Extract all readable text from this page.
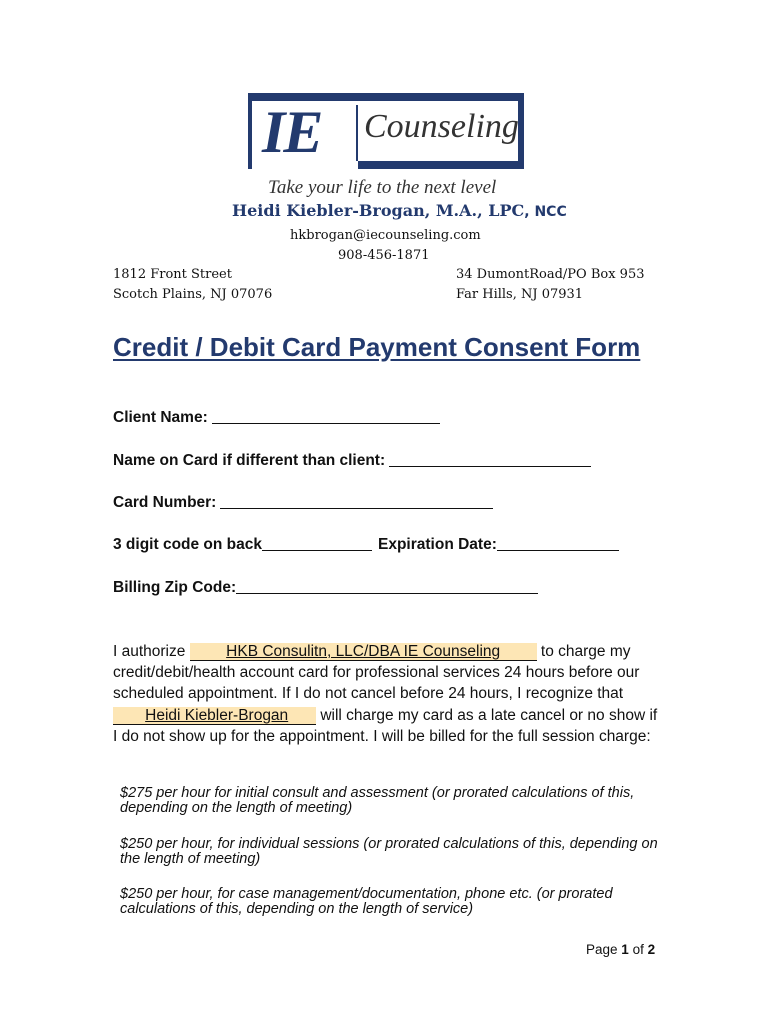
IE Counseling
Take your life to the next level
Heidi Kiebler-Brogan, M.A., LPC, NCC
hkbrogan@iecounseling.com
908-456-1871
1812 Front Street
Scotch Plains, NJ 07076
34 DumontRoad/PO Box 953
Far Hills, NJ 07931
Credit / Debit Card Payment Consent Form
Client Name:
Name on Card if different than client:
Card Number:
3 digit code on back	Expiration Date:
Billing Zip Code:
I authorize	HKB Consulitn, LLC/DBA IE Counseling	to charge my credit/debit/health account card for professional services 24 hours before our scheduled appointment. If I do not cancel before 24 hours, I recognize that        Heidi Kiebler-Brogan will charge my card as a late cancel or no show if I do not show up for the appointment. I will be billed for the full session charge:
$275 per hour for initial consult and assessment (or prorated calculations of this, depending on the length of meeting)
$250 per hour, for individual sessions (or prorated calculations of this, depending on the length of meeting)
$250 per hour, for case management/documentation, phone etc. (or prorated calculations of this, depending on the length of service)
Page 1 of 2
